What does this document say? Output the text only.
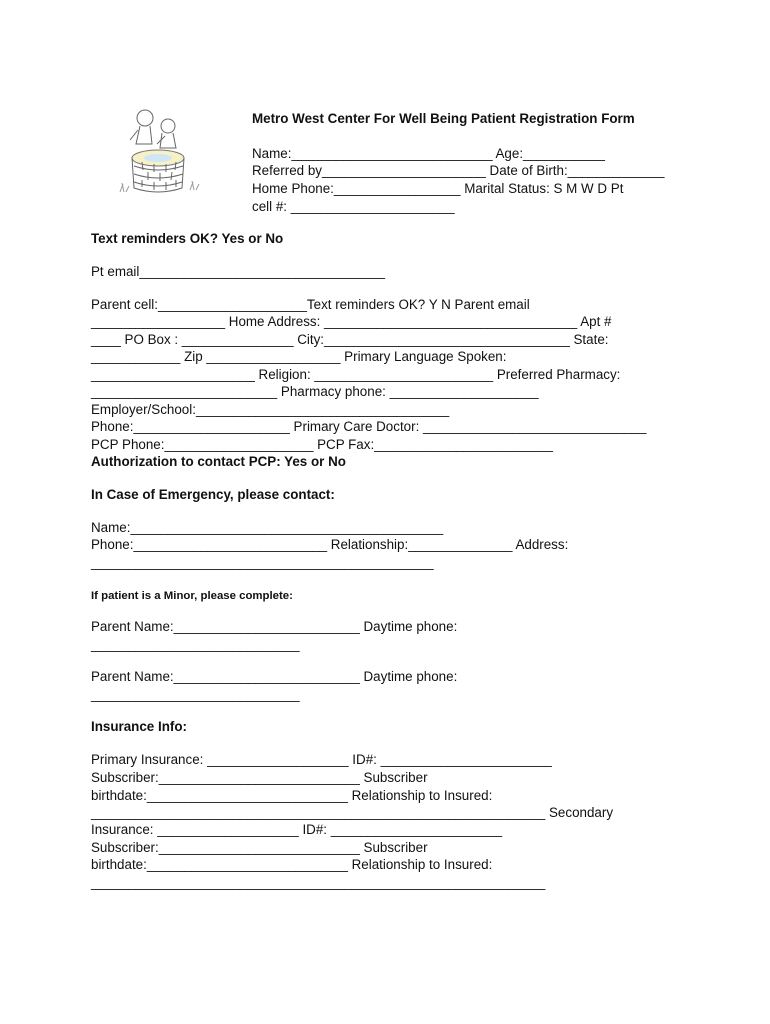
Metro West Center For Well Being Patient Registration Form
Name:___________________________ Age:___________
Referred by______________________ Date of Birth:_____________
Home Phone:_________________ Marital Status: S M W D Pt
cell #: ______________________
Text reminders OK? Yes or No
Pt email_________________________________
Parent cell:____________________Text reminders OK? Y N Parent email
__________________ Home Address: __________________________________ Apt #
____ PO Box : _______________ City:_________________________________ State:
____________ Zip __________________ Primary Language Spoken:
______________________ Religion: ________________________ Preferred Pharmacy:
_________________________ Pharmacy phone: ____________________
Employer/School:__________________________________
Phone:_____________________ Primary Care Doctor: ______________________________
PCP Phone:____________________ PCP Fax:________________________
Authorization to contact PCP: Yes or No
In Case of Emergency, please contact:
Name:__________________________________________
Phone:__________________________ Relationship:______________ Address:
______________________________________________
If patient is a Minor, please complete:
Parent Name:_________________________ Daytime phone:
____________________________
Parent Name:_________________________ Daytime phone:
____________________________
Insurance Info:
Primary Insurance: ___________________ ID#: _______________________
Subscriber:___________________________ Subscriber
birthdate:___________________________ Relationship to Insured:
_____________________________________________________________ Secondary
Insurance: ___________________ ID#: _______________________
Subscriber:___________________________ Subscriber
birthdate:___________________________ Relationship to Insured:
_____________________________________________________________
